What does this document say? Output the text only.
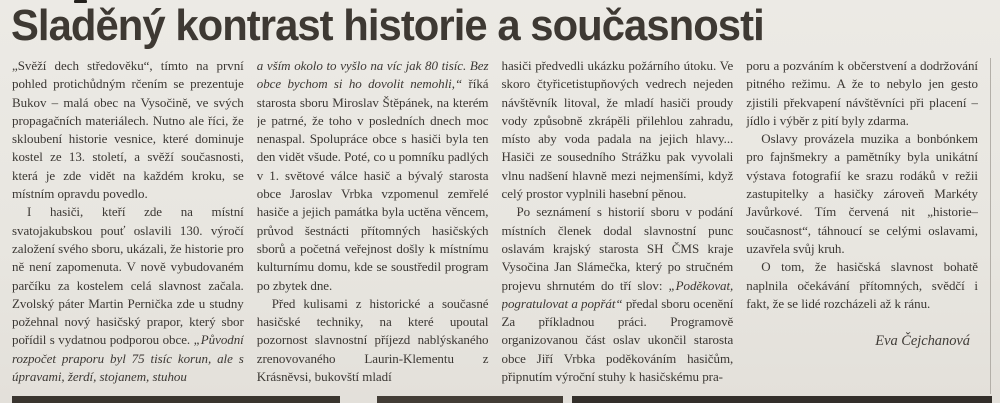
Sladěný kontrast historie a současnosti

„Svěží dech středověku“, tímto na první pohled protichůdným rčením se prezentuje Bukov – malá obec na Vysočině, ve svých propagačních materiálech. Nutno ale říci, že skloubení historie vesnice, které dominuje kostel ze 13. století, a svěží současnosti, která je zde vidět na každém kroku, se místním opravdu povedlo.

I hasiči, kteří zde na místní svatojakubskou pouť oslavili 130. výročí založení svého sboru, ukázali, že historie pro ně není zapomenuta. V nově vybudovaném parčíku za kostelem celá slavnost začala. Zvolský páter Martin Pernička zde u studny požehnal nový hasičský prapor, který sbor pořídil s vydatnou podporou obce. „Původní rozpočet praporu byl 75 tisíc korun, ale s úpravami, žerdí, stojanem, stuhou

a vším okolo to vyšlo na víc jak 80 tisíc. Bez obce bychom si ho dovolit nemohli,“ říká starosta sboru Miroslav Štěpánek, na kterém je patrné, že toho v posledních dnech moc nenaspal. Spolupráce obce s hasiči byla ten den vidět všude. Poté, co u pomníku padlých v 1. světové válce hasič a bývalý starosta obce Jaroslav Vrbka vzpomenul zemřelé hasiče a jejich památka byla uctěna věncem, průvod šestnácti přítomných hasičských sborů a početná veřejnost došly k místnímu kulturnímu domu, kde se soustředil program po zbytek dne.

Před kulisami z historické a současné hasičské techniky, na které upoutal pozornost slavnostní příjezd nablýskaného zrenovovaného Laurin-Klementu z Krásněvsi, bukovští mladí

hasiči předvedli ukázku požárního útoku. Ve skoro čtyřicetistupňových vedrech nejeden návštěvník litoval, že mladí hasiči proudy vody způsobně zkrápěli přilehlou zahradu, místo aby voda padala na jejich hlavy... Hasiči ze sousedního Strážku pak vyvolali vlnu nadšení hlavně mezi nejmenšími, když celý prostor vyplnili hasební pěnou.

Po seznámení s historií sboru v podání místních členek dodal slavnostní punc oslavám krajský starosta SH ČMS kraje Vysočina Jan Slámečka, který po stručném projevu shrnutém do tří slov: „Poděkovat, pogratulovat a popřát“ předal sboru ocenění Za příkladnou práci. Programově organizovanou část oslav ukončil starosta obce Jiří Vrbka poděkováním hasičům, připnutím výroční stuhy k hasičskému pra-

poru a pozváním k občerstvení a dodržování pitného režimu. A že to nebylo jen gesto zjistili překvapení návštěvníci při placení – jídlo i výběr z pití byly zdarma.

Oslavy provázela muzika a bonbónkem pro fajnšmekry a pamětníky byla unikátní výstava fotografií ke srazu rodáků v režii zastupitelky a hasičky zároveň Markéty Javůrkové. Tím červená nit „historie–současnost“, táhnoucí se celými oslavami, uzavřela svůj kruh.

O tom, že hasičská slavnost bohatě naplnila očekávání přítomných, svědčí i fakt, že se lidé rozcházeli až k ránu.

Eva Čejchanová
